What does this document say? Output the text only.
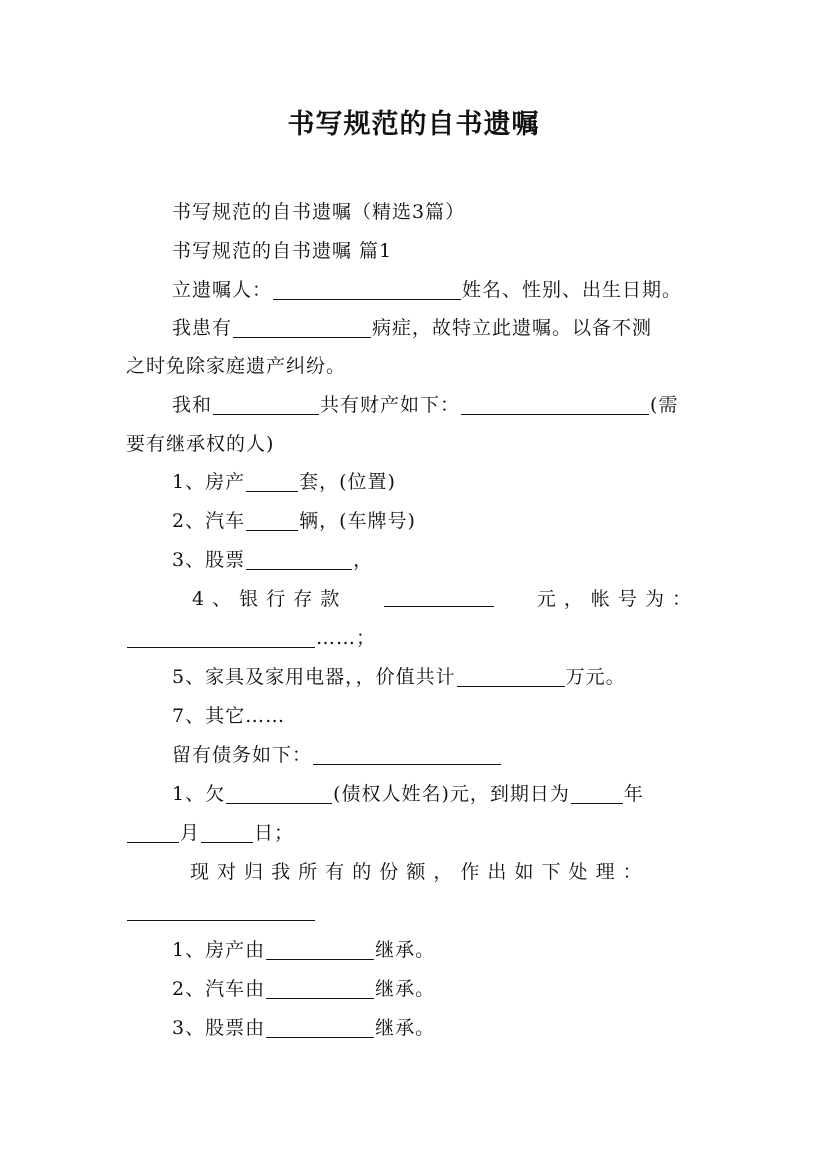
书写规范的自书遗嘱
书写规范的自书遗嘱（精选3篇）
书写规范的自书遗嘱 篇1
立遗嘱人：	姓名、性别、出生日期。
我患有	病症，故特立此遗嘱。以备不测
之时免除家庭遗产纠纷。
我和	共有财产如下：	(需
要有继承权的人)
1、房产	套，(位置)
2、汽车	辆，(车牌号)
3、股票	，
4 、 银 行 存 款	元 ， 帐 号 为 ：
……；
5、家具及家用电器，，价值共计	万元。
7、其它……
留有债务如下：
1、欠	(债权人姓名)元，到期日为	年
月	日；
现 对 归 我 所 有 的 份 额 ， 作 出 如 下 处 理 ：
1、房产由	继承。
2、汽车由	继承。
3、股票由	继承。
